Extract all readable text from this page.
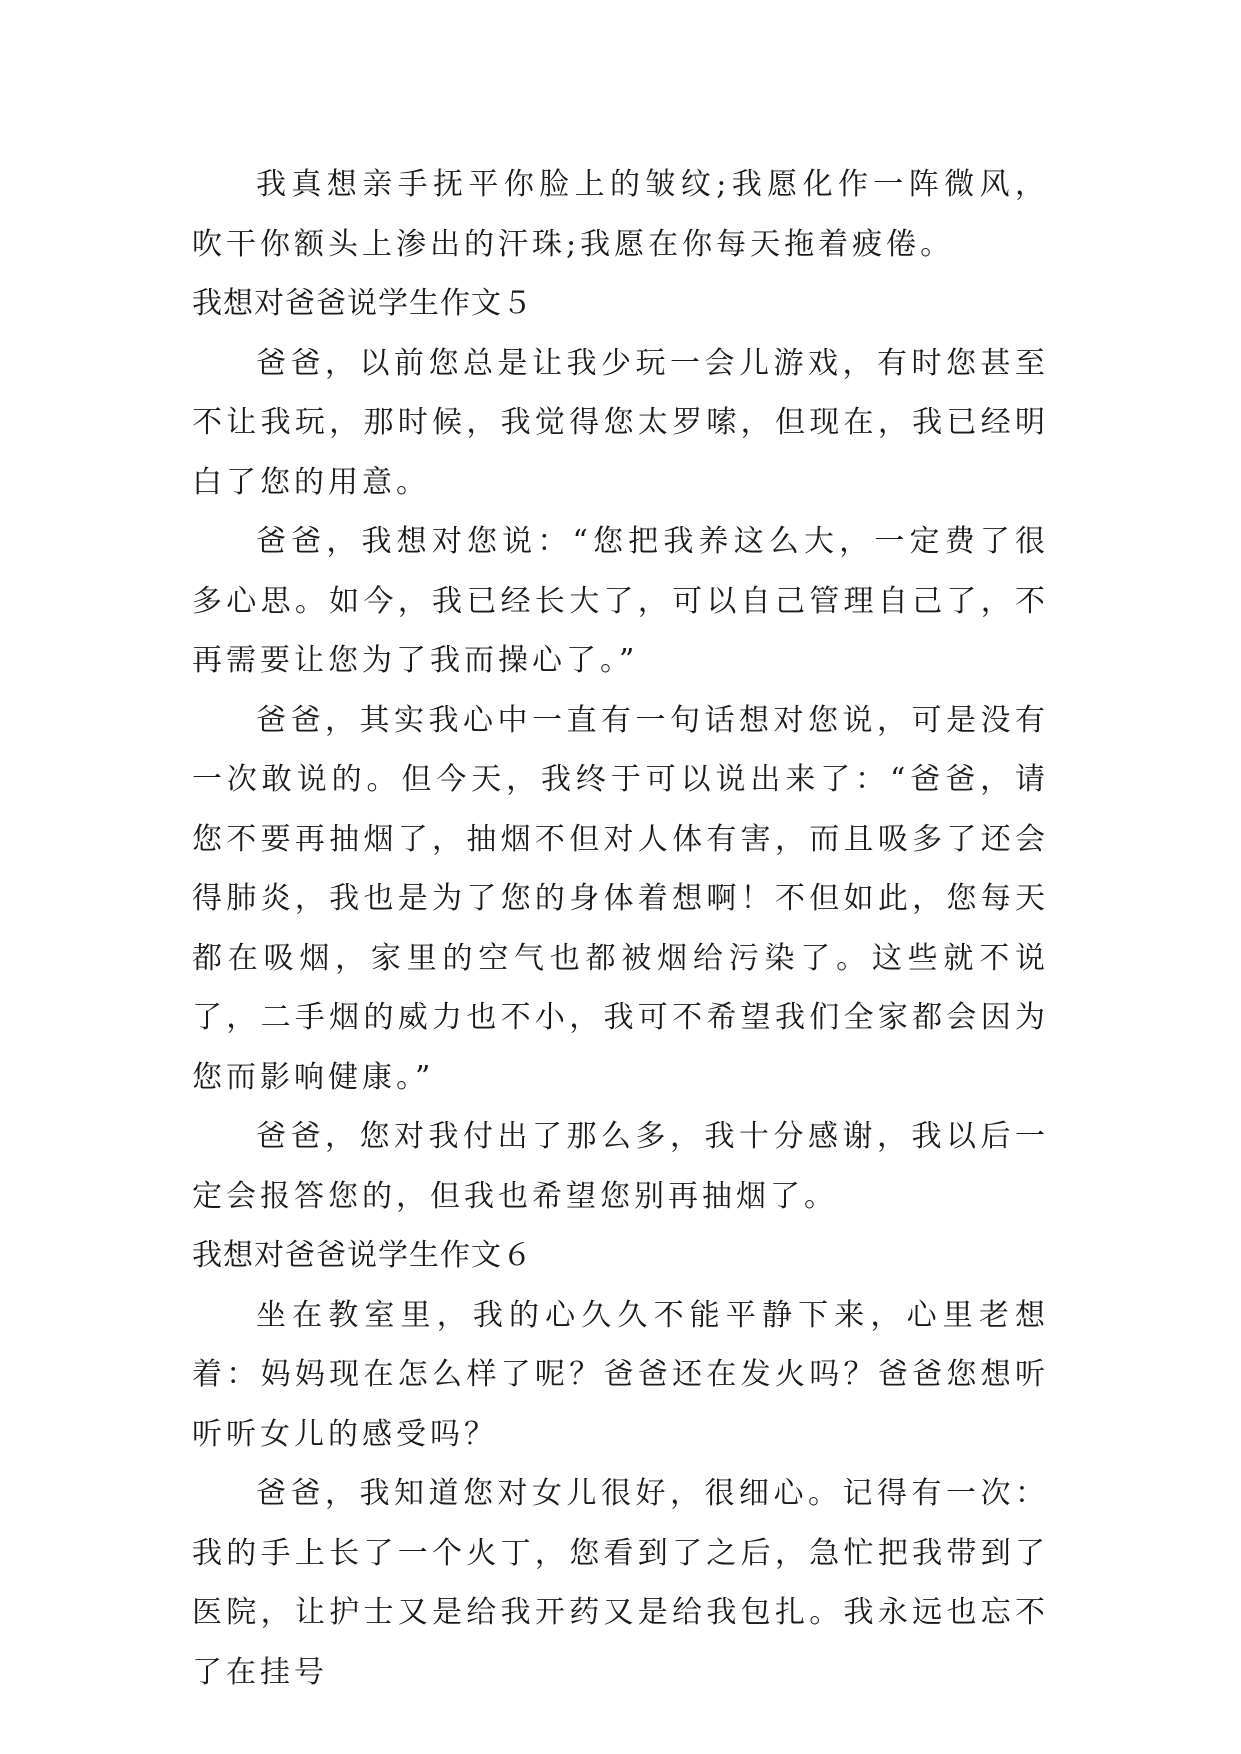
我真想亲手抚平你脸上的皱纹;我愿化作一阵微风，吹干你额头上渗出的汗珠;我愿在你每天拖着疲倦。

我想对爸爸说学生作文５

爸爸，以前您总是让我少玩一会儿游戏，有时您甚至不让我玩，那时候，我觉得您太罗嗦，但现在，我已经明白了您的用意。

爸爸，我想对您说：“您把我养这么大，一定费了很多心思。如今，我已经长大了，可以自己管理自己了，不再需要让您为了我而操心了。”

爸爸，其实我心中一直有一句话想对您说，可是没有一次敢说的。但今天，我终于可以说出来了：“爸爸，请您不要再抽烟了，抽烟不但对人体有害，而且吸多了还会得肺炎，我也是为了您的身体着想啊！不但如此，您每天都在吸烟，家里的空气也都被烟给污染了。这些就不说了，二手烟的威力也不小，我可不希望我们全家都会因为您而影响健康。”

爸爸，您对我付出了那么多，我十分感谢，我以后一定会报答您的，但我也希望您别再抽烟了。

我想对爸爸说学生作文６

坐在教室里，我的心久久不能平静下来，心里老想着：妈妈现在怎么样了呢？爸爸还在发火吗？爸爸您想听听听女儿的感受吗？

爸爸，我知道您对女儿很好，很细心。记得有一次：我的手上长了一个火丁，您看到了之后，急忙把我带到了医院，让护士又是给我开药又是给我包扎。我永远也忘不了在挂号
